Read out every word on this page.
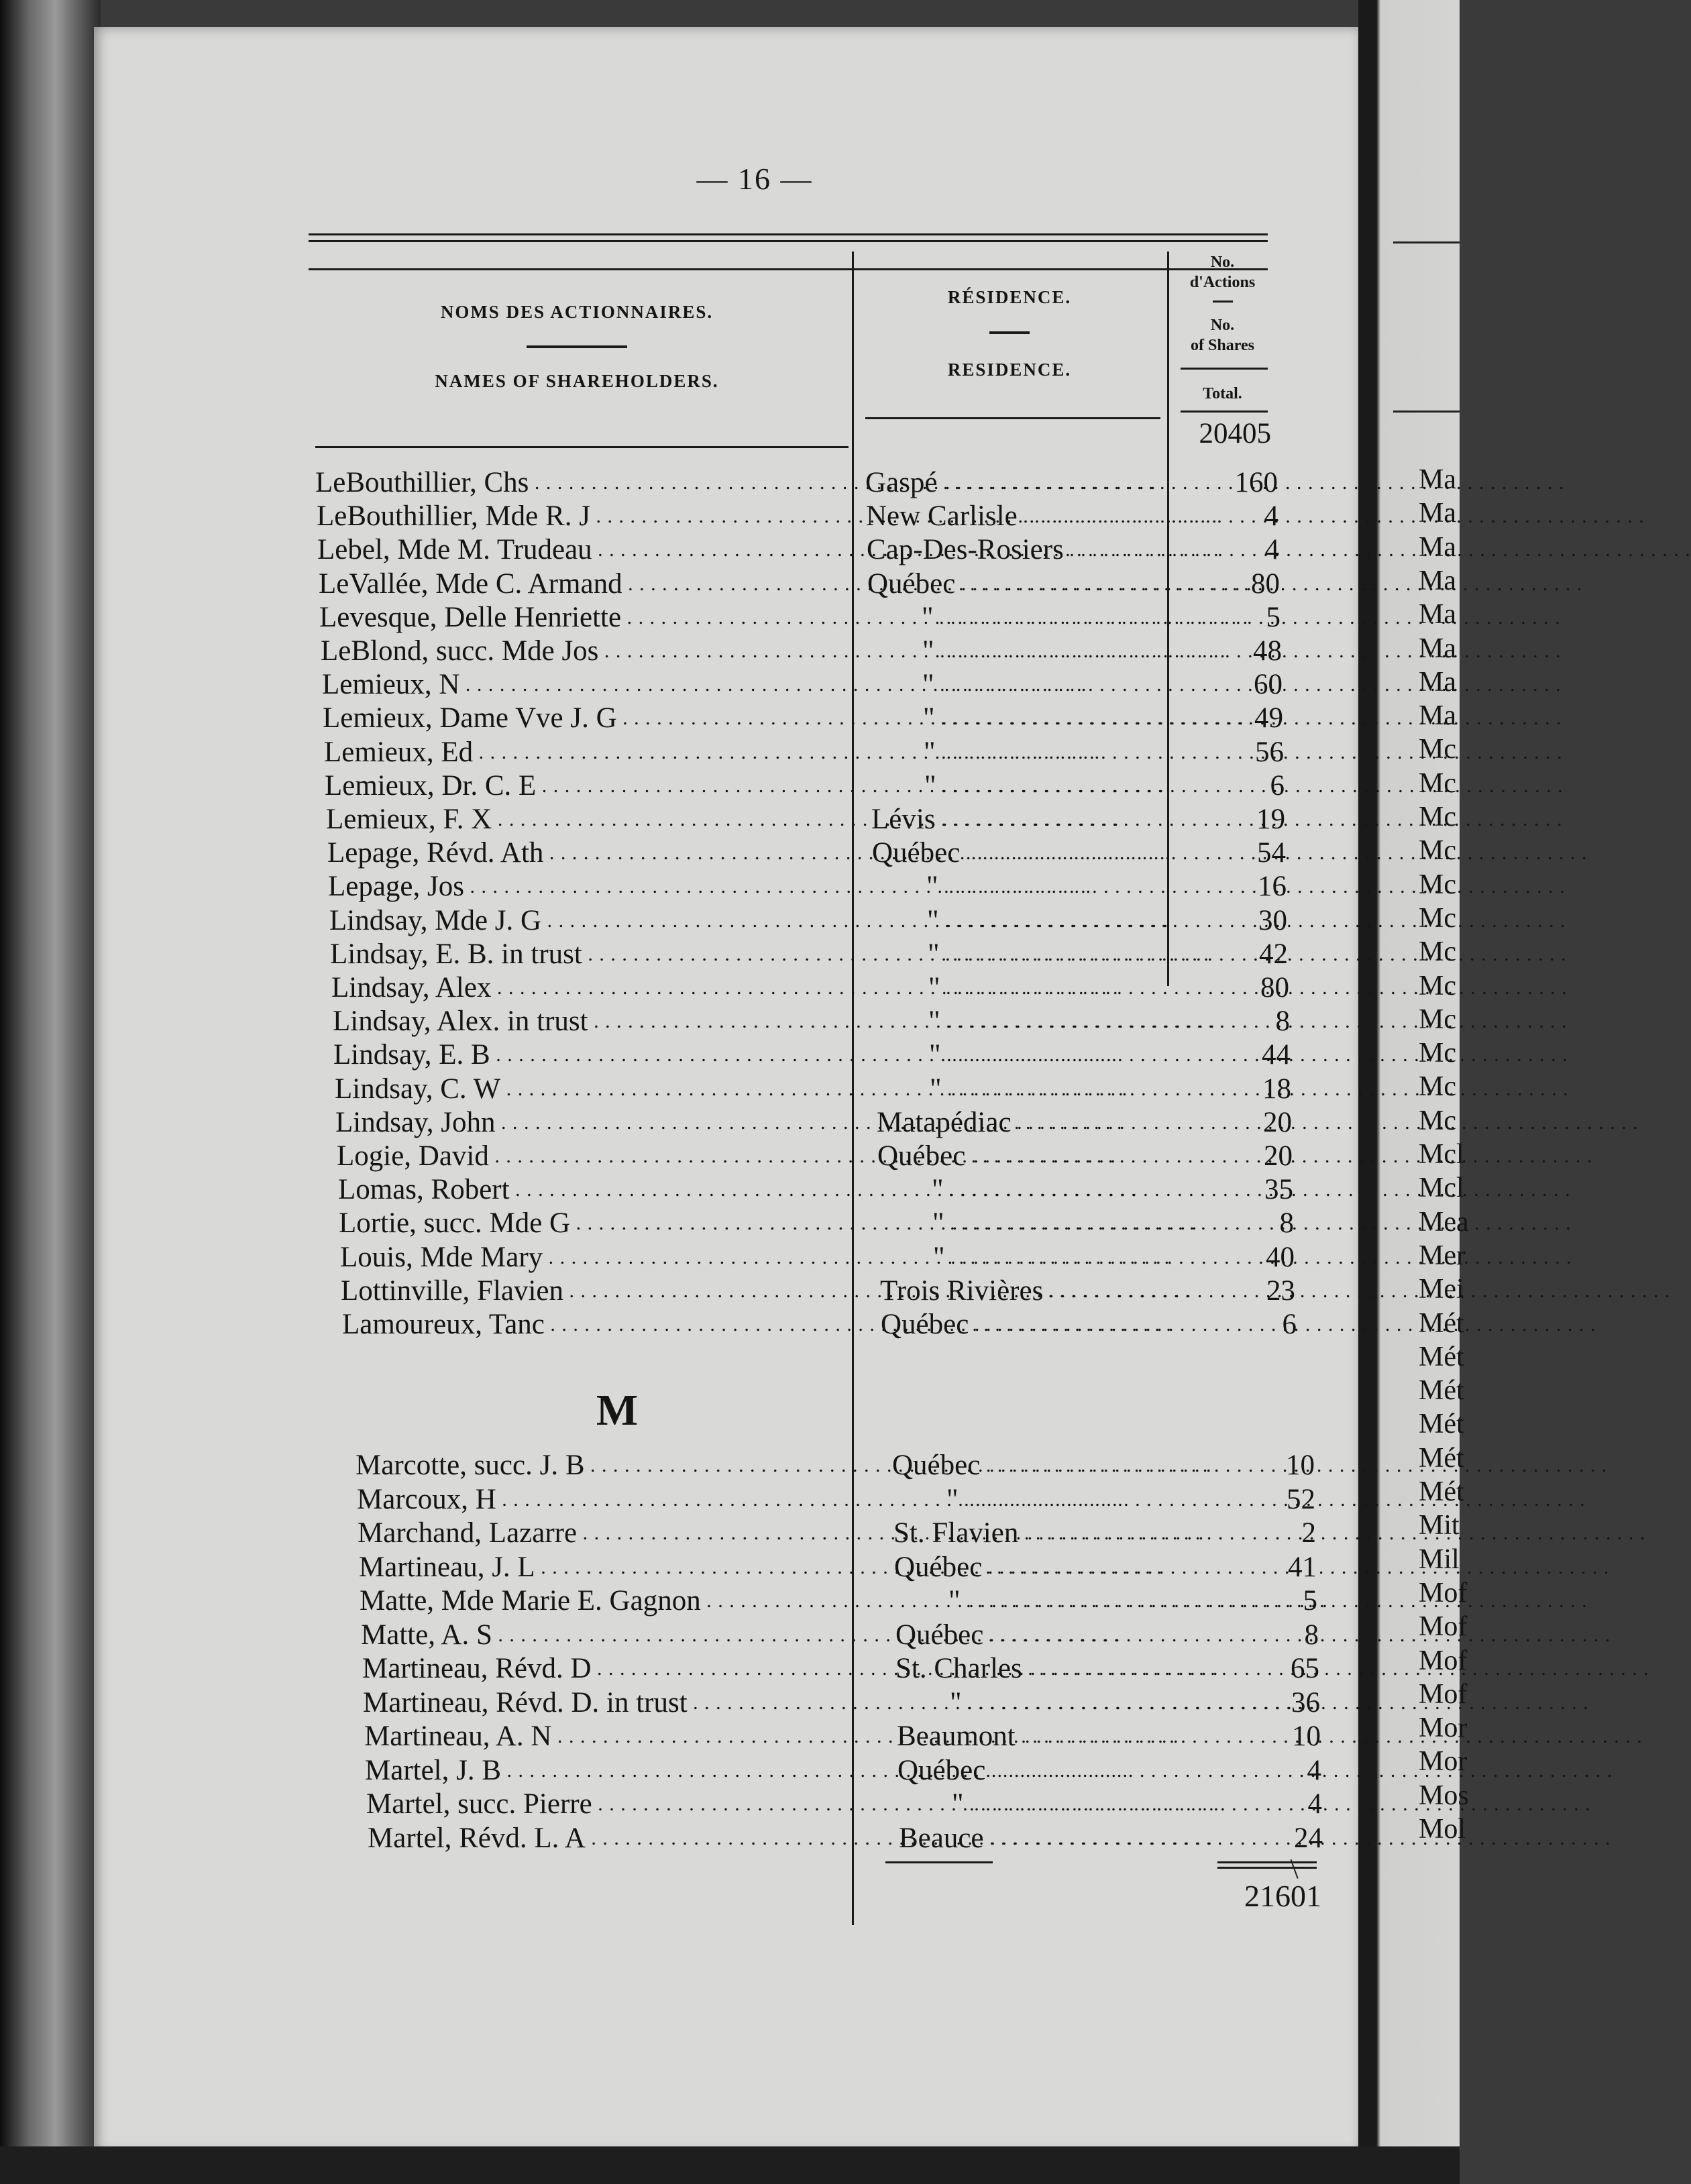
Ma
Ma
Ma
Ma
Ma
Ma
Ma
Ma
Mc
Mc
Mc
Mc
Mc
Mc
Mc
Mc
Mc
Mc
Mc
Mc
Mcl
Mcl
Mea
Mer
Mei
Mét
Mét
Mét
Mét
Mét
Mét
Mit
Mil
Mof
Mof
Mof
Mof
Mor
Mor
Mos
Mol
— 16 —
NOMS DES ACTIONNAIRES.
NAMES OF SHAREHOLDERS.
RÉSIDENCE.
RESIDENCE.
No.
d'Actions
No.
of Shares
Total.
20405
LeBouthillier, Chs . . .	Gaspé . . .	160
LeBouthillier, Mde R. J . . .	New Carlisle . . .	4
Lebel, Mde M. Trudeau . . .	Cap-Des-Rosiers . . .	4
LeVallée, Mde C. Armand . . .	Québec . . .	80
Levesque, Delle Henriette . . .	" . . .	5
LeBlond, succ. Mde Jos . . .	" . . .	48
Lemieux, N . . .	" . . .	60
Lemieux, Dame Vve J. G . . .	" . . .	49
Lemieux, Ed . . .	" . . .	56
Lemieux, Dr. C. E . . .	" . . .	6
Lemieux, F. X . . .	Lévis . . .	19
Lepage, Révd. Ath . . .	Québec . . .	54
Lepage, Jos . . .	" . . .	16
Lindsay, Mde J. G . . .	" . . .	30
Lindsay, E. B. in trust . . .	" . . .	42
Lindsay, Alex . . .	" . . .	80
Lindsay, Alex. in trust . . .	" . . .	8
Lindsay, E. B . . .	" . . .	44
Lindsay, C. W . . .	" . . .	18
Lindsay, John . . .	Matapédiac . . .	20
Logie, David . . .	Québec . . .	20
Lomas, Robert . . .	" . . .	35
Lortie, succ. Mde G . . .	" . . .	8
Louis, Mde Mary . . .	" . . .	40
Lottinville, Flavien . . .	Trois Rivières . . .	23
Lamoureux, Tanc . . .	Québec . . .	6
M
Marcotte, succ. J. B . . .	Québec . . .	10
Marcoux, H . . .	" . . .	52
Marchand, Lazarre . . .	St. Flavien . . .	2
Martineau, J. L . . .	Québec . . .	41
Matte, Mde Marie E. Gagnon . . .	" . . .	5
Matte, A. S . . .	Québec . . .	8
Martineau, Révd. D . . .	St. Charles . . .	65
Martineau, Révd. D. in trust . . .	" . . .	36
Martineau, A. N . . .	Beaumont . . .	10
Martel, J. B . . .	Québec . . .	4
Martel, succ. Pierre . . .	" . . .	4
Martel, Révd. L. A . . .	Beauce . . .	24
21601
